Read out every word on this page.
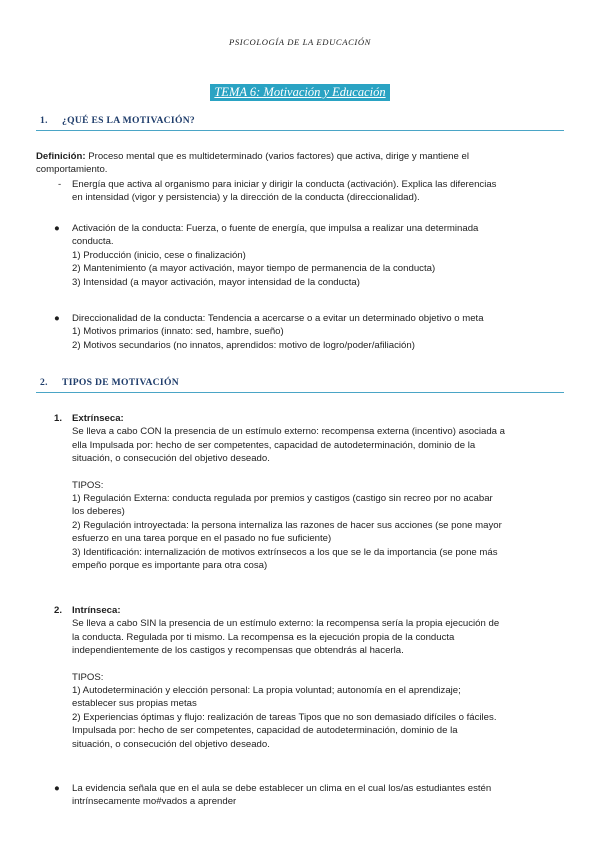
PSICOLOGÍA DE LA EDUCACIÓN
TEMA 6: Motivación y Educación
1. ¿QUÉ ES LA MOTIVACIÓN?
Definición: Proceso mental que es multideterminado (varios factores) que activa, dirige y mantiene el
comportamiento.
- Energía que activa al organismo para iniciar y dirigir la conducta (activación). Explica las diferencias
en intensidad (vigor y persistencia) y la dirección de la conducta (direccionalidad).
● Activación de la conducta: Fuerza, o fuente de energía, que impulsa a realizar una determinada
conducta.
1) Producción (inicio, cese o finalización)
2) Mantenimiento (a mayor activación, mayor tiempo de permanencia de la conducta)
3) Intensidad (a mayor activación, mayor intensidad de la conducta)
● Direccionalidad de la conducta: Tendencia a acercarse o a evitar un determinado objetivo o meta
1) Motivos primarios (innato: sed, hambre, sueño)
2) Motivos secundarios (no innatos, aprendidos: motivo de logro/poder/afiliación)
2. TIPOS DE MOTIVACIÓN
1. Extrínseca:
Se lleva a cabo CON la presencia de un estímulo externo: recompensa externa (incentivo) asociada a
ella Impulsada por: hecho de ser competentes, capacidad de autodeterminación, dominio de la
situación, o consecución del objetivo deseado.
TIPOS:
1) Regulación Externa: conducta regulada por premios y castigos (castigo sin recreo por no acabar
los deberes)
2) Regulación introyectada: la persona internaliza las razones de hacer sus acciones (se pone mayor
esfuerzo en una tarea porque en el pasado no fue suficiente)
3) Identificación: internalización de motivos extrínsecos a los que se le da importancia (se pone más
empeño porque es importante para otra cosa)
2. Intrínseca:
Se lleva a cabo SIN la presencia de un estímulo externo: la recompensa sería la propia ejecución de
la conducta. Regulada por ti mismo. La recompensa es la ejecución propia de la conducta
independientemente de los castigos y recompensas que obtendrás al hacerla.
TIPOS:
1) Autodeterminación y elección personal: La propia voluntad; autonomía en el aprendizaje;
establecer sus propias metas
2) Experiencias óptimas y flujo: realización de tareas Tipos que no son demasiado difíciles o fáciles.
Impulsada por: hecho de ser competentes, capacidad de autodeterminación, dominio de la
situación, o consecución del objetivo deseado.
● La evidencia señala que en el aula se debe establecer un clima en el cual los/as estudiantes estén
intrínsecamente mo#vados a aprender
